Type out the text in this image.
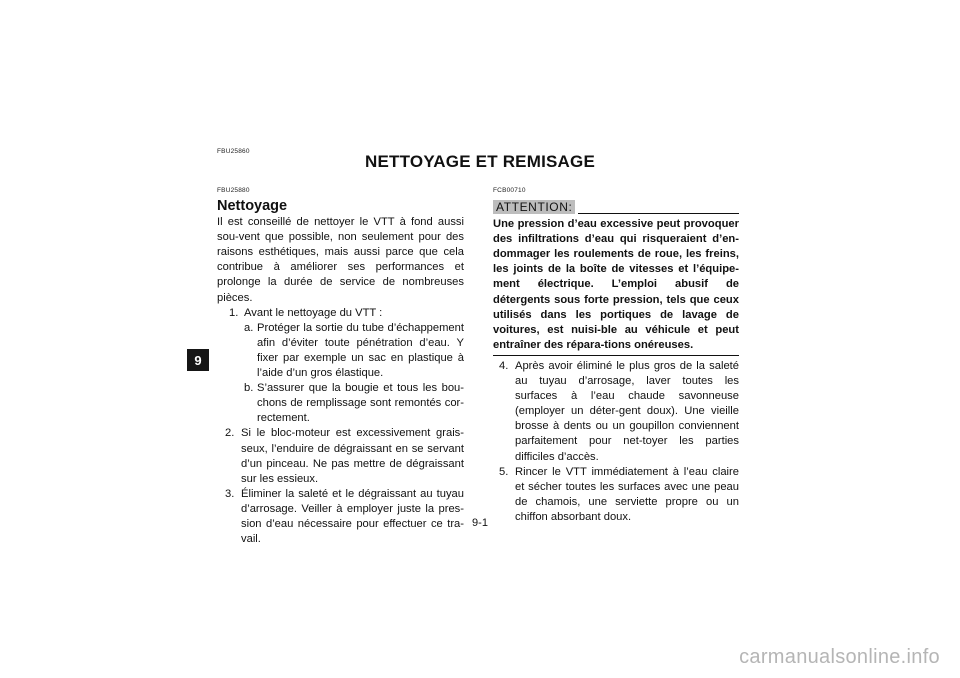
FBU25860
NETTOYAGE ET REMISAGE
9
FBU25880
Nettoyage

Il est conseillé de nettoyer le VTT à fond aussi sou-vent que possible, non seulement pour des raisons esthétiques, mais aussi parce que cela contribue à améliorer ses performances et prolonge la durée de service de nombreuses pièces.

1. Avant le nettoyage du VTT :
a. Protéger la sortie du tube d’échappement afin d’éviter toute pénétration d’eau. Y fixer par exemple un sac en plastique à l’aide d’un gros élastique.
b. S’assurer que la bougie et tous les bou-chons de remplissage sont remontés cor-rectement.
2. Si le bloc-moteur est excessivement grais-seux, l’enduire de dégraissant en se servant d’un pinceau. Ne pas mettre de dégraissant sur les essieux.
3. Éliminer la saleté et le dégraissant au tuyau d’arrosage. Veiller à employer juste la pres-sion d’eau nécessaire pour effectuer ce tra-vail.
FCB00710
ATTENTION:
Une pression d’eau excessive peut provoquer des infiltrations d’eau qui risqueraient d’en-dommager les roulements de roue, les freins, les joints de la boîte de vitesses et l’équipe-ment électrique. L’emploi abusif de détergents sous forte pression, tels que ceux utilisés dans les portiques de lavage de voitures, est nuisi-ble au véhicule et peut entraîner des répara-tions onéreuses.
4. Après avoir éliminé le plus gros de la saleté au tuyau d’arrosage, laver toutes les surfaces à l’eau chaude savonneuse (employer un déter-gent doux). Une vieille brosse à dents ou un goupillon conviennent parfaitement pour net-toyer les parties difficiles d’accès.
5. Rincer le VTT immédiatement à l’eau claire et sécher toutes les surfaces avec une peau de chamois, une serviette propre ou un chiffon absorbant doux.
9-1
carmanualsonline.info
